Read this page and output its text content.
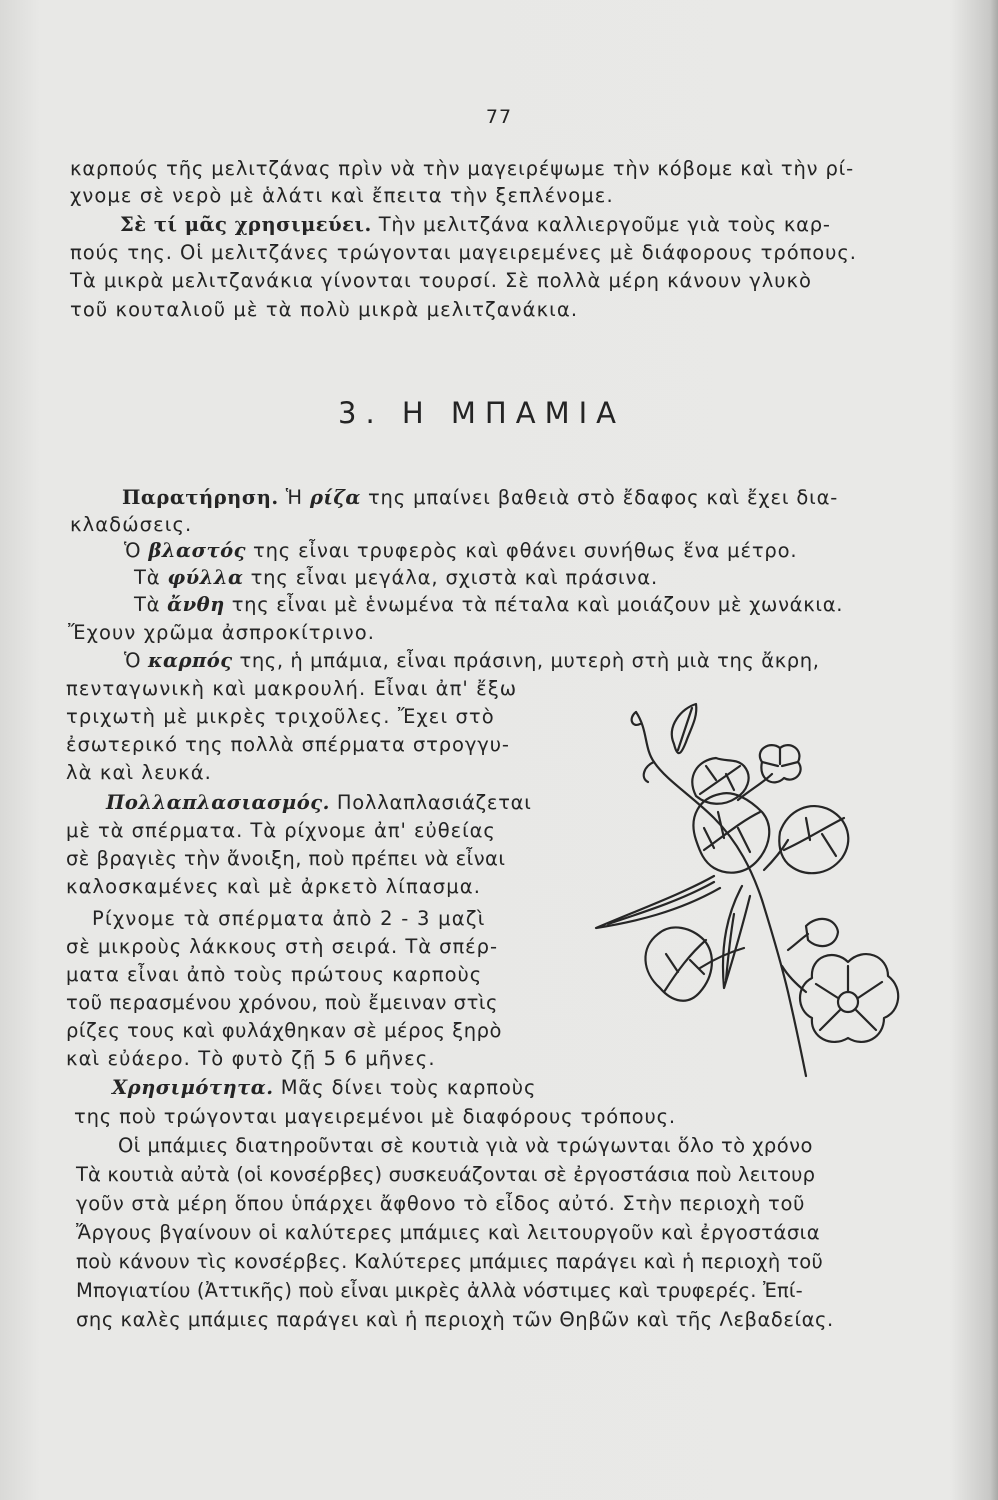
77
καρπούς τῆς μελιτζάνας πρὶν νὰ τὴν μαγειρέψωμε τὴν κόβομε καὶ τὴν ρί-
χνομε σὲ νερὸ μὲ ἁλάτι καὶ ἔπειτα τὴν ξεπλένομε.
Σὲ τί μᾶς χρησιμεύει. Τὴν μελιτζάνα καλλιεργοῦμε γιὰ τοὺς καρ-
πούς της. Οἱ μελιτζάνες τρώγονται μαγειρεμένες μὲ διάφορους τρόπους.
Τὰ μικρὰ μελιτζανάκια γίνονται τουρσί. Σὲ πολλὰ μέρη κάνουν γλυκὸ
τοῦ κουταλιοῦ μὲ τὰ πολὺ μικρὰ μελιτζανάκια.
3. Η ΜΠΑΜΙΑ
Παρατήρηση. Ἡ ρίζα της μπαίνει βαθειὰ στὸ ἔδαφος καὶ ἔχει δια-
κλαδώσεις.
Ὁ βλαστός της εἶναι τρυφερὸς καὶ φθάνει συνήθως ἕνα μέτρο.
Τὰ φύλλα της εἶναι μεγάλα, σχιστὰ καὶ πράσινα.
Τὰ ἄνθη της εἶναι μὲ ἑνωμένα τὰ πέταλα καὶ μοιάζουν μὲ χωνάκια.
Ἔχουν χρῶμα ἀσπροκίτρινο.
Ὁ καρπός της, ἡ μπάμια, εἶναι πράσινη, μυτερὴ στὴ μιὰ της ἄκρη,
πενταγωνικὴ καὶ μακρουλή. Εἶναι ἀπ' ἔξω
τριχωτὴ μὲ μικρὲς τριχοῦλες. Ἔχει στὸ
ἐσωτερικό της πολλὰ σπέρματα στρογγυ-
λὰ καὶ λευκά.
Πολλαπλασιασμός. Πολλαπλασιάζεται
μὲ τὰ σπέρματα. Τὰ ρίχνομε ἀπ' εὐθείας
σὲ βραγιὲς τὴν ἄνοιξη, ποὺ πρέπει νὰ εἶναι
καλοσκαμένες καὶ μὲ ἀρκετὸ λίπασμα.
Ρίχνομε τὰ σπέρματα ἀπὸ 2 - 3 μαζὶ
σὲ μικροὺς λάκκους στὴ σειρά. Τὰ σπέρ-
ματα εἶναι ἀπὸ τοὺς πρώτους καρποὺς
τοῦ περασμένου χρόνου, ποὺ ἔμειναν στὶς
ρίζες τους καὶ φυλάχθηκαν σὲ μέρος ξηρὸ
καὶ εὐάερο. Τὸ φυτὸ ζῇ 5 6 μῆνες.
Χρησιμότητα. Μᾶς δίνει τοὺς καρποὺς
της ποὺ τρώγονται μαγειρεμένοι μὲ διαφόρους τρόπους.
Οἱ μπάμιες διατηροῦνται σὲ κουτιὰ γιὰ νὰ τρώγωνται ὅλο τὸ χρόνο
Τὰ κουτιὰ αὐτὰ (οἱ κονσέρβες) συσκευάζονται σὲ ἐργοστάσια ποὺ λειτουρ
γοῦν στὰ μέρη ὅπου ὑπάρχει ἄφθονο τὸ εἶδος αὐτό. Στὴν περιοχὴ τοῦ
Ἄργους βγαίνουν οἱ καλύτερες μπάμιες καὶ λειτουργοῦν καὶ ἐργοστάσια
ποὺ κάνουν τὶς κονσέρβες. Καλύτερες μπάμιες παράγει καὶ ἡ περιοχὴ τοῦ
Μπογιατίου (Ἀττικῆς) ποὺ εἶναι μικρὲς ἀλλὰ νόστιμες καὶ τρυφερές. Ἐπί-
σης καλὲς μπάμιες παράγει καὶ ἡ περιοχὴ τῶν Θηβῶν καὶ τῆς Λεβαδείας.
